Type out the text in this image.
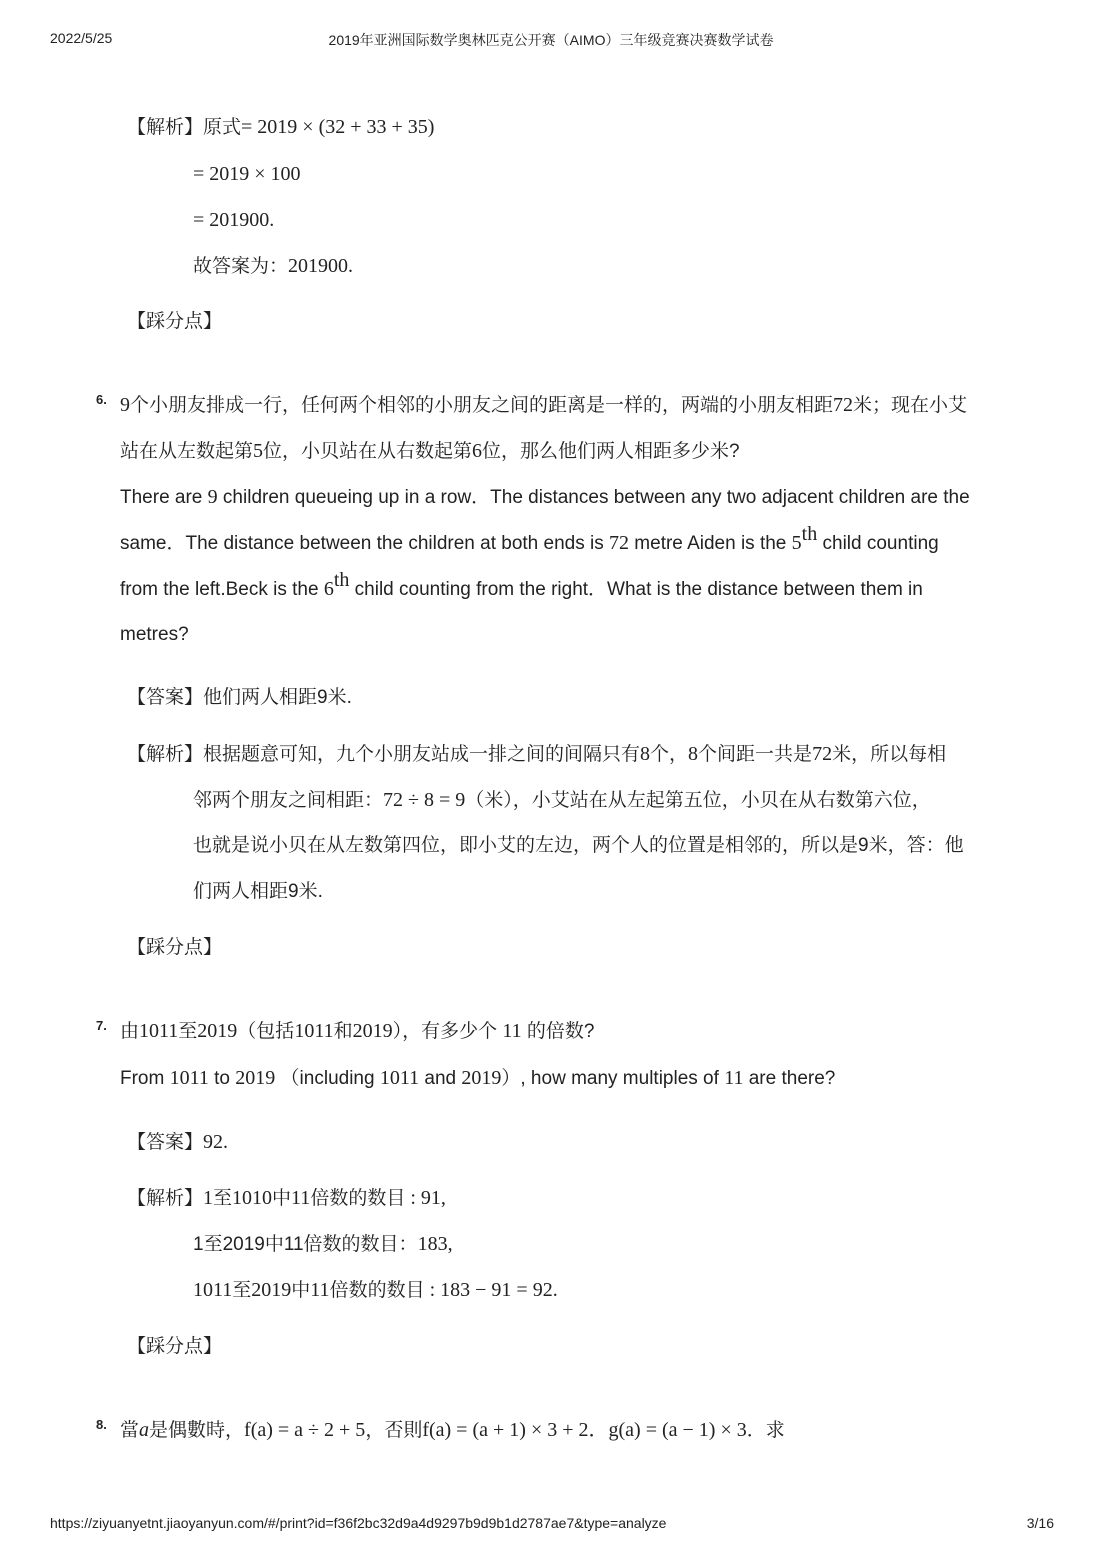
2022/5/25	2019年亚洲国际数学奥林匹克公开赛（AIMO）三年级竞赛决赛数学试卷
【解析】原式= 2019 × (32 + 33 + 35)
= 2019 × 100
= 201900.
故答案为：201900.
【踩分点】
6. 9个小朋友排成一行，任何两个相邻的小朋友之间的距离是一样的，两端的小朋友相距72米；现在小艾
站在从左数起第5位，小贝站在从右数起第6位，那么他们两人相距多少米?
There are 9 children queueing up in a row．The distances between any two adjacent children are the
same．The distance between the children at both ends is 72 metre Aiden is the 5th child counting
from the left.Beck is the 6th child counting from the right．What is the distance between them in
metres?
【答案】他们两人相距9米.
【解析】根据题意可知，九个小朋友站成一排之间的间隔只有8个，8个间距一共是72米，所以每相
邻两个朋友之间相距：72 ÷ 8 = 9（米），小艾站在从左起第五位，小贝在从右数第六位，
也就是说小贝在从左数第四位，即小艾的左边，两个人的位置是相邻的，所以是9米，答：他
们两人相距9米.
【踩分点】
7. 由1011至2019（包括1011和2019），有多少个 11 的倍数?
From 1011 to 2019 （including 1011 and 2019）, how many multiples of 11 are there?
【答案】92.
【解析】1至1010中11倍数的数目 : 91,
1至2019中11倍数的数目：183,
1011至2019中11倍数的数目 : 183 − 91 = 92.
【踩分点】
8. 當a是偶數時，f(a) = a ÷ 2 + 5，否則f(a) = (a + 1) × 3 + 2．g(a) = (a − 1) × 3．求
https://ziyuanyetnt.jiaoyanyun.com/#/print?id=f36f2bc32d9a4d9297b9d9b1d2787ae7&type=analyze	3/16
